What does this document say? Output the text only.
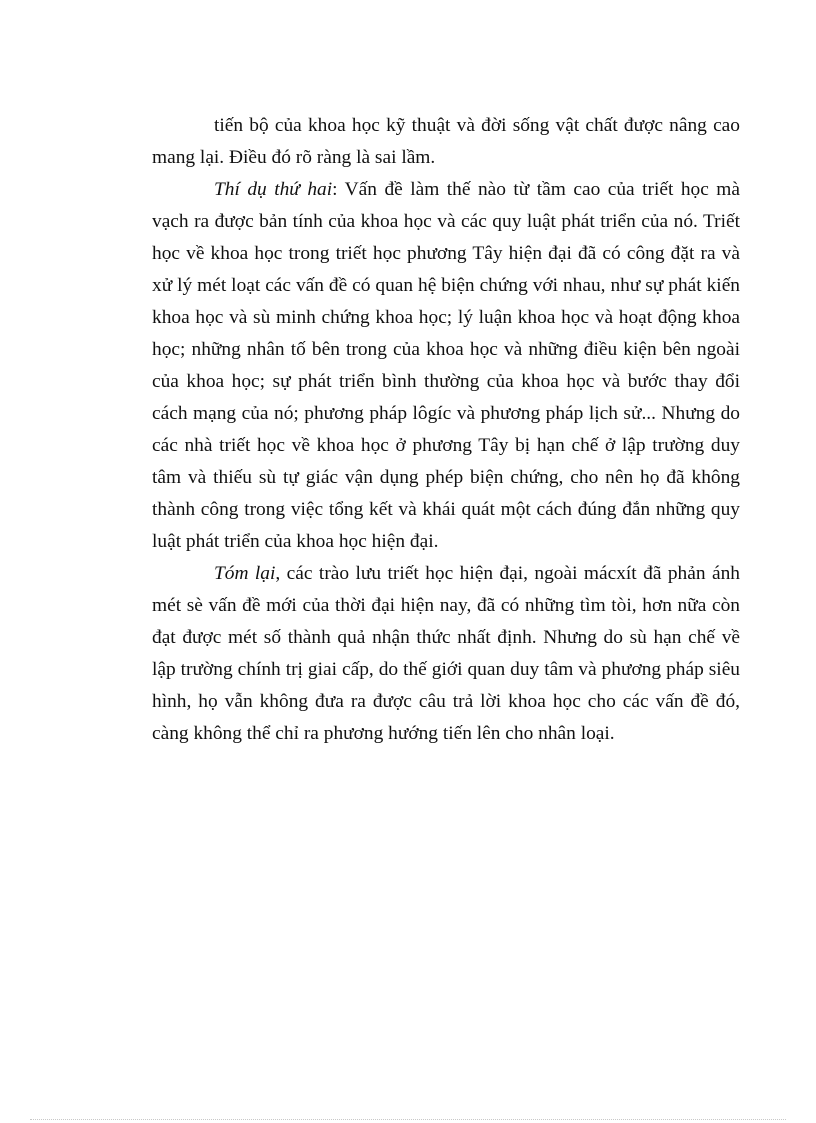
tiến bộ của khoa học kỹ thuật và đời sống vật chất được nâng cao mang lại. Điều đó rõ ràng là sai lầm.

Thí dụ thứ hai: Vấn đề làm thế nào từ tầm cao của triết học mà vạch ra được bản tính của khoa học và các quy luật phát triển của nó. Triết học về khoa học trong triết học phương Tây hiện đại đã có công đặt ra và xử lý mét loạt các vấn đề có quan hệ biện chứng với nhau, như sự phát kiến khoa học và sù minh chứng khoa học; lý luận khoa học và hoạt động khoa học; những nhân tố bên trong của khoa học và những điều kiện bên ngoài của khoa học; sự phát triển bình thường của khoa học và bước thay đổi cách mạng của nó; phương pháp lôgíc và phương pháp lịch sử... Nhưng do các nhà triết học về khoa học ở phương Tây bị hạn chế ở lập trường duy tâm và thiếu sù tự giác vận dụng phép biện chứng, cho nên họ đã không thành công trong việc tổng kết và khái quát một cách đúng đắn những quy luật phát triển của khoa học hiện đại.

Tóm lại, các trào lưu triết học hiện đại, ngoài mácxít đã phản ánh mét sè vấn đề mới của thời đại hiện nay, đã có những tìm tòi, hơn nữa còn đạt được mét số thành quả nhận thức nhất định. Nhưng do sù hạn chế về lập trường chính trị giai cấp, do thế giới quan duy tâm và phương pháp siêu hình, họ vẫn không đưa ra được câu trả lời khoa học cho các vấn đề đó, càng không thể chỉ ra phương hướng tiến lên cho nhân loại.
